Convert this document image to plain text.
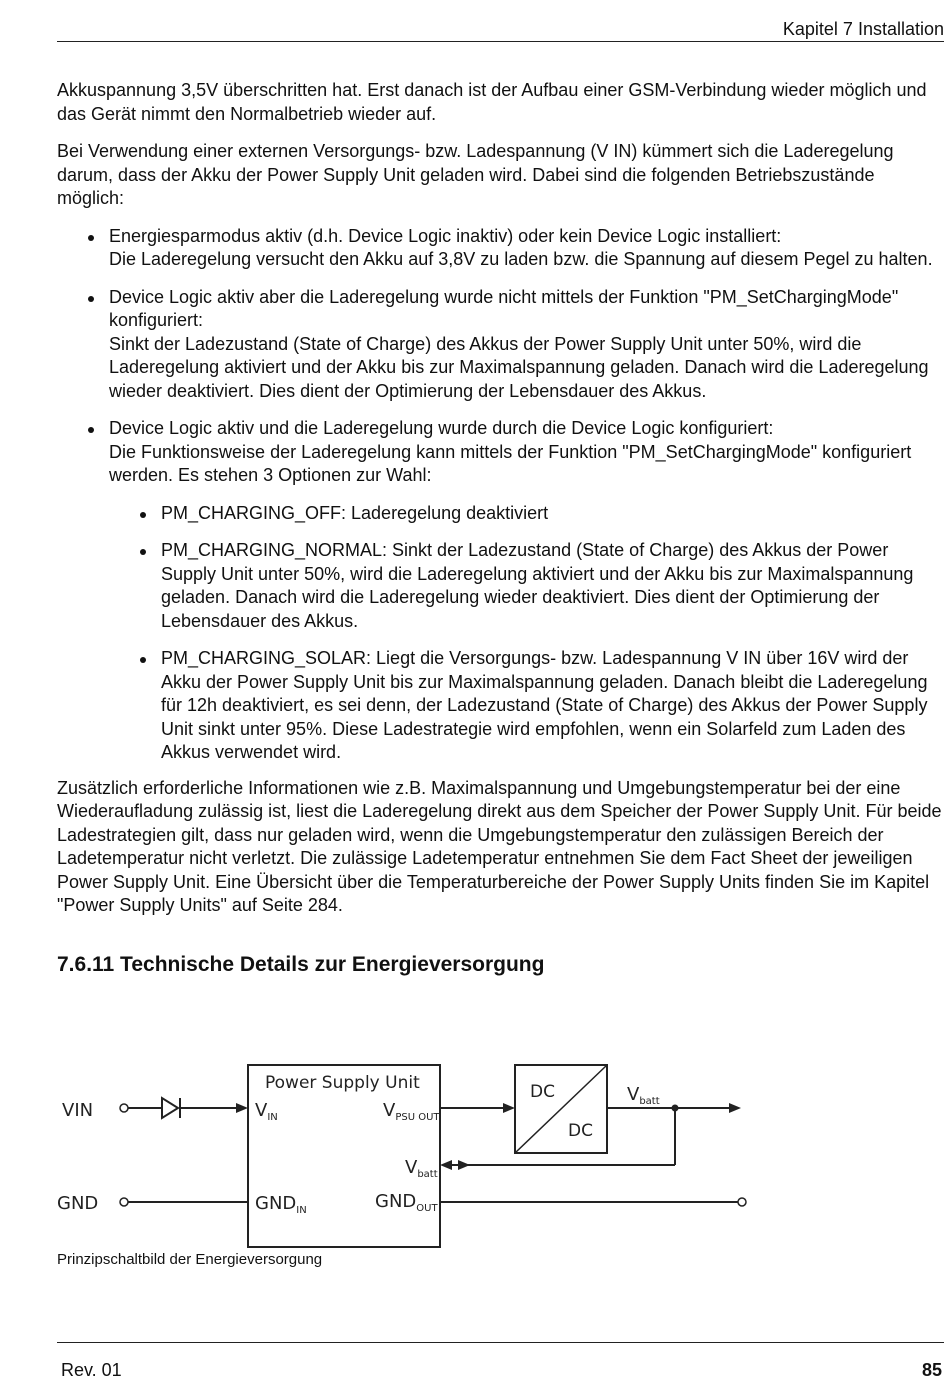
Kapitel 7 Installation

Akkuspannung 3,5V überschritten hat. Erst danach ist der Aufbau einer GSM-Verbindung wieder möglich und das Gerät nimmt den Normalbetrieb wieder auf.

Bei Verwendung einer externen Versorgungs- bzw. Ladespannung (V IN) kümmert sich die Laderegelung darum, dass der Akku der Power Supply Unit geladen wird. Dabei sind die folgenden Betriebszustände möglich:

Energiesparmodus aktiv (d.h. Device Logic inaktiv) oder kein Device Logic installiert:

Die Laderegelung versucht den Akku auf 3,8V zu laden bzw. die Spannung auf diesem Pegel zu halten.

Device Logic aktiv aber die Laderegelung wurde nicht mittels der Funktion "PM_SetChargingMode" konfiguriert:

Sinkt der Ladezustand (State of Charge) des Akkus der Power Supply Unit unter 50%, wird die Laderegelung aktiviert und der Akku bis zur Maximalspannung geladen. Danach wird die Laderegelung wieder deaktiviert. Dies dient der Optimierung der Lebensdauer des Akkus.

Device Logic aktiv und die Laderegelung wurde durch die Device Logic konfiguriert:

Die Funktionsweise der Laderegelung kann mittels der Funktion "PM_SetChargingMode" konfiguriert werden. Es stehen 3 Optionen zur Wahl:

PM_CHARGING_OFF: Laderegelung deaktiviert
PM_CHARGING_NORMAL: Sinkt der Ladezustand (State of Charge) des Akkus der Power Supply Unit unter 50%, wird die Laderegelung aktiviert und der Akku bis zur Maximalspannung geladen. Danach wird die Laderegelung wieder deaktiviert. Dies dient der Optimierung der Lebensdauer des Akkus.
PM_CHARGING_SOLAR: Liegt die Versorgungs- bzw. Ladespannung V IN über 16V wird der Akku der Power Supply Unit bis zur Maximalspannung geladen. Danach bleibt die Laderegelung für 12h deaktiviert, es sei denn, der Ladezustand (State of Charge) des Akkus der Power Supply Unit sinkt unter 95%. Diese Ladestrategie wird empfohlen, wenn ein Solarfeld zum Laden des Akkus verwendet wird.

Zusätzlich erforderliche Informationen wie z.B. Maximalspannung und Umgebungstemperatur bei der eine Wiederaufladung zulässig ist, liest die Laderegelung direkt aus dem Speicher der Power Supply Unit. Für beide Ladestrategien gilt, dass nur geladen wird, wenn die Umgebungstemperatur den zulässigen Bereich der Ladetemperatur nicht verletzt. Die zulässige Ladetemperatur entnehmen Sie dem Fact Sheet der jeweiligen Power Supply Unit. Eine Übersicht über die Temperaturbereiche der Power Supply Units finden Sie im Kapitel "Power Supply Units" auf Seite 284.

7.6.11 Technische Details zur Energieversorgung
Power Supply Unit
VIN	$V_{IN}$	$V_{PSU OUT}$
$V_{batt}$
$GND_{IN}$	$GND_{OUT}$
DC
DC
$V_{batt}$
GND
Prinzipschaltbild der Energieversorgung
Rev. 01	85
